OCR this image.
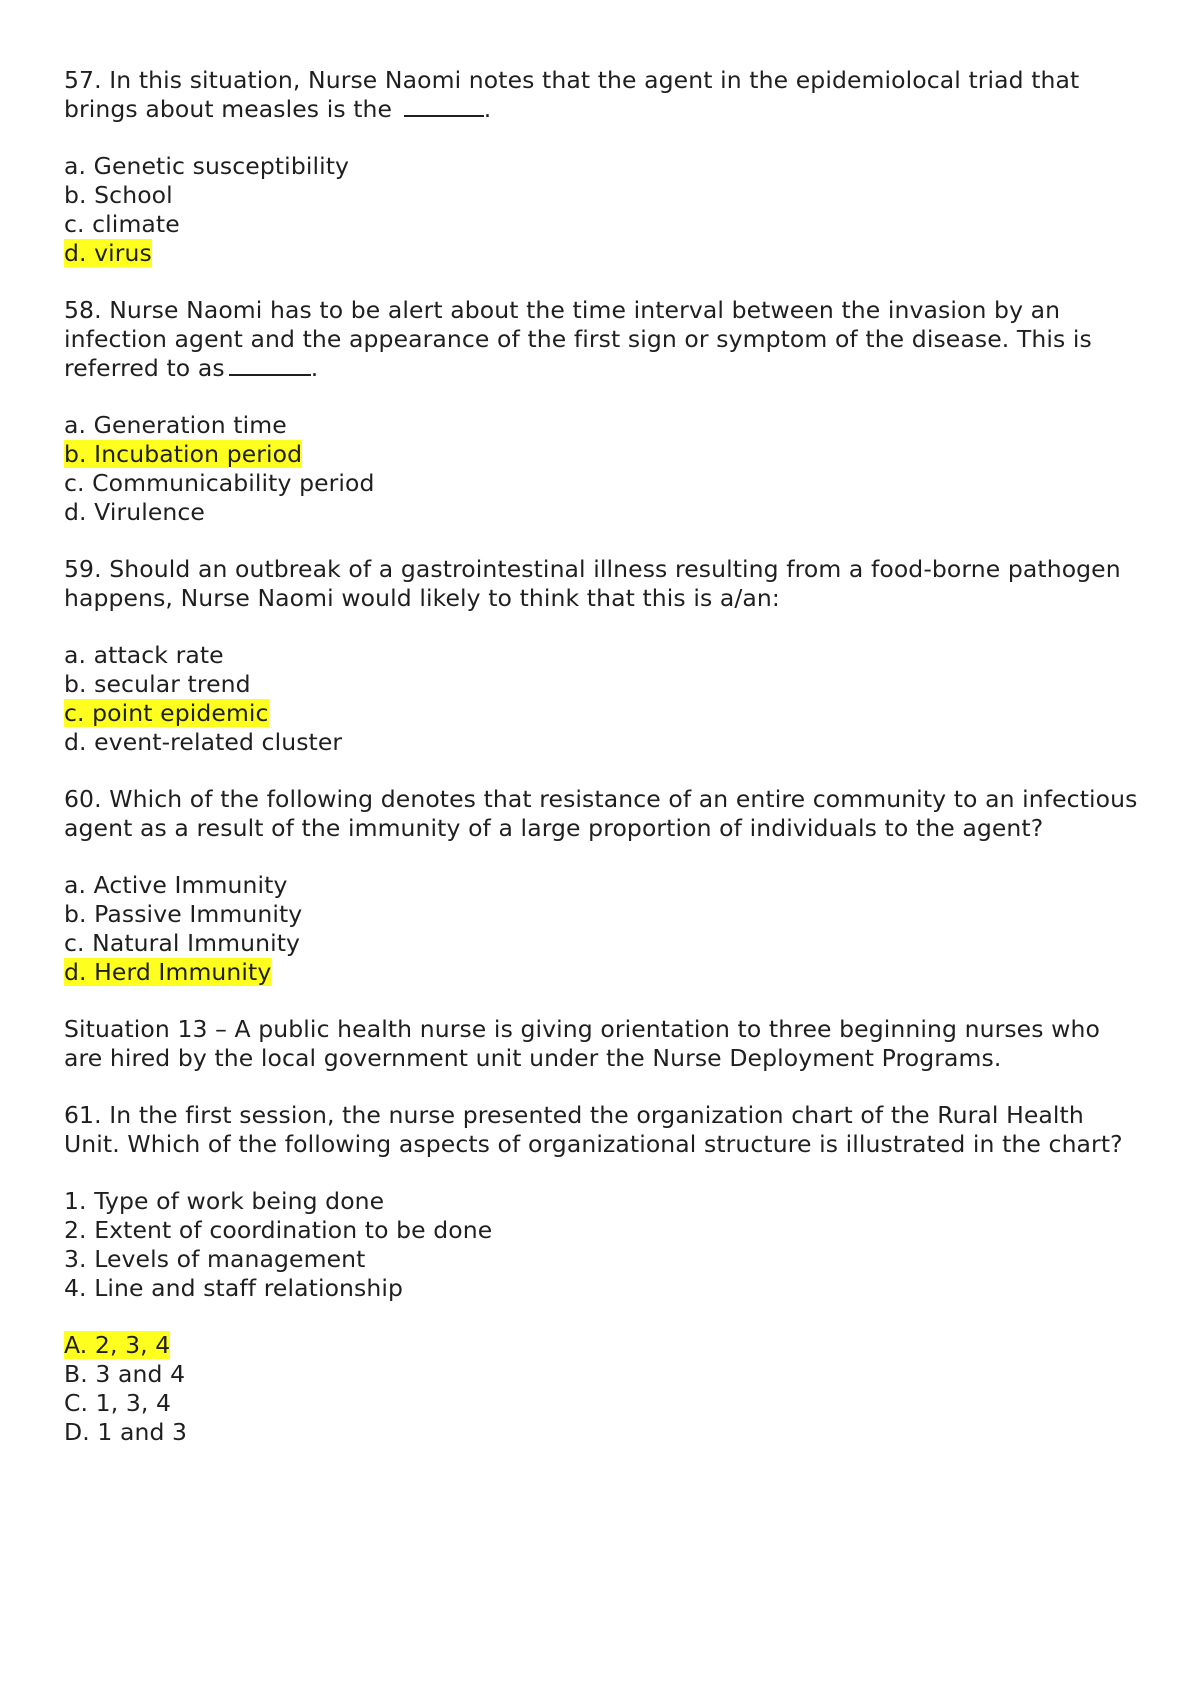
57. In this situation, Nurse Naomi notes that the agent in the epidemiolocal triad that brings about measles is the	.

a. Genetic susceptibility
b. School
c. climate
d. virus

58. Nurse Naomi has to be alert about the time interval between the invasion by an infection agent and the appearance of the first sign or symptom of the disease. This is referred to as	.

a. Generation time
b. Incubation period
c. Communicability period
d. Virulence

59. Should an outbreak of a gastrointestinal illness resulting from a food-borne pathogen happens, Nurse Naomi would likely to think that this is a/an:

a. attack rate
b. secular trend
c. point epidemic
d. event-related cluster

60. Which of the following denotes that resistance of an entire community to an infectious agent as a result of the immunity of a large proportion of individuals to the agent?

a. Active Immunity
b. Passive Immunity
c. Natural Immunity
d. Herd Immunity

Situation 13 – A public health nurse is giving orientation to three beginning nurses who are hired by the local government unit under the Nurse Deployment Programs.

61. In the first session, the nurse presented the organization chart of the Rural Health Unit. Which of the following aspects of organizational structure is illustrated in the chart?

1. Type of work being done
2. Extent of coordination to be done
3. Levels of management
4. Line and staff relationship
A. 2, 3, 4
B. 3 and 4
C. 1, 3, 4
D. 1 and 3
